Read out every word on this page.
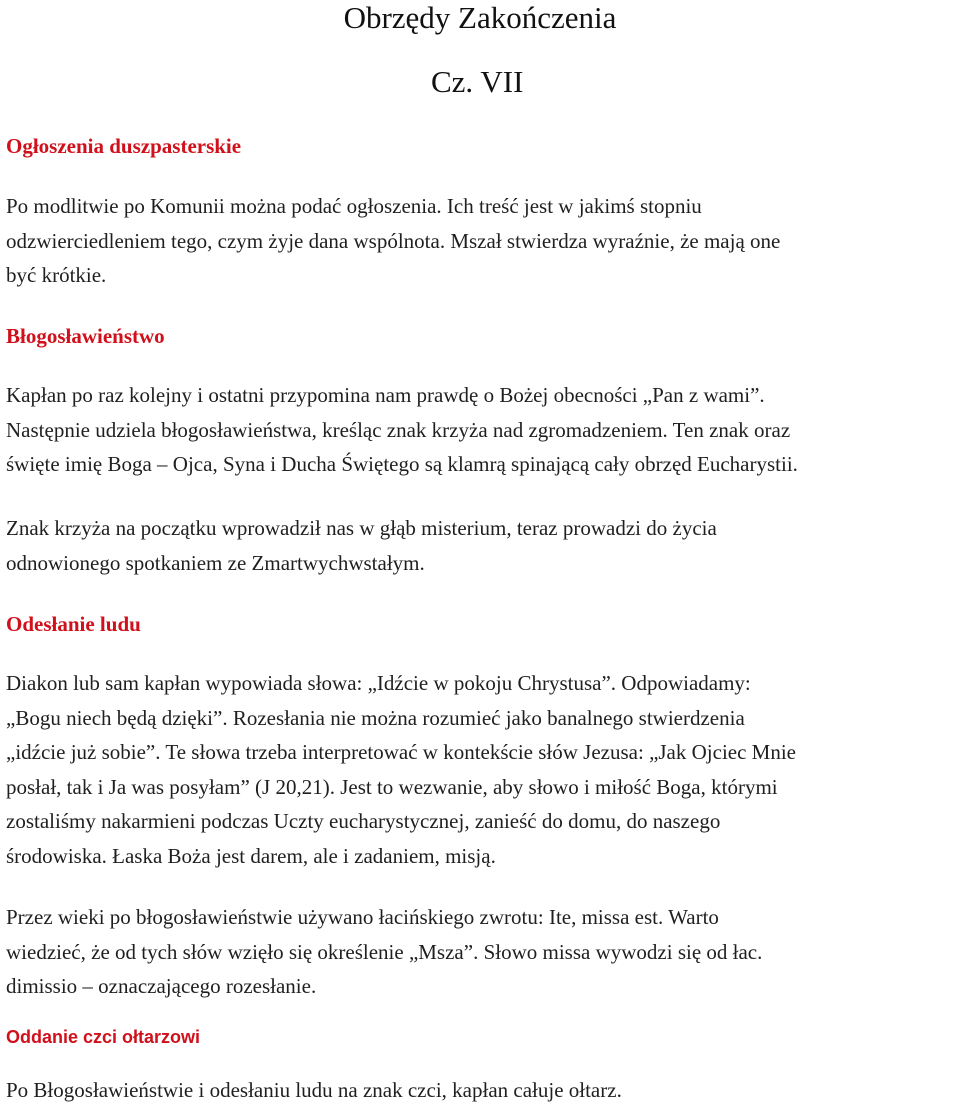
Obrzędy Zakończenia
Cz. VII
Ogłoszenia duszpasterskie
Po modlitwie po Komunii można podać ogłoszenia. Ich treść jest w jakimś stopniu
odzwierciedleniem tego, czym żyje dana wspólnota. Mszał stwierdza wyraźnie, że mają one
być krótkie.
Błogosławieństwo
Kapłan po raz kolejny i ostatni przypomina nam prawdę o Bożej obecności „Pan z wami”.
Następnie udziela błogosławieństwa, kreśląc znak krzyża nad zgromadzeniem. Ten znak oraz
święte imię Boga – Ojca, Syna i Ducha Świętego są klamrą spinającą cały obrzęd Eucharystii.
Znak krzyża na początku wprowadził nas w głąb misterium, teraz prowadzi do życia
odnowionego spotkaniem ze Zmartwychwstałym.
Odesłanie ludu
Diakon lub sam kapłan wypowiada słowa: „Idźcie w pokoju Chrystusa”. Odpowiadamy:
„Bogu niech będą dzięki”. Rozesłania nie można rozumieć jako banalnego stwierdzenia
„idźcie już sobie”. Te słowa trzeba interpretować w kontekście słów Jezusa: „Jak Ojciec Mnie
posłał, tak i Ja was posyłam” (J 20,21). Jest to wezwanie, aby słowo i miłość Boga, którymi
zostaliśmy nakarmieni podczas Uczty eucharystycznej, zanieść do domu, do naszego
środowiska. Łaska Boża jest darem, ale i zadaniem, misją.
Przez wieki po błogosławieństwie używano łacińskiego zwrotu: Ite, missa est. Warto
wiedzieć, że od tych słów wzięło się określenie „Msza”. Słowo missa wywodzi się od łac.
dimissio – oznaczającego rozesłanie.
Oddanie czci ołtarzowi
Po Błogosławieństwie i odesłaniu ludu na znak czci, kapłan całuje ołtarz.
